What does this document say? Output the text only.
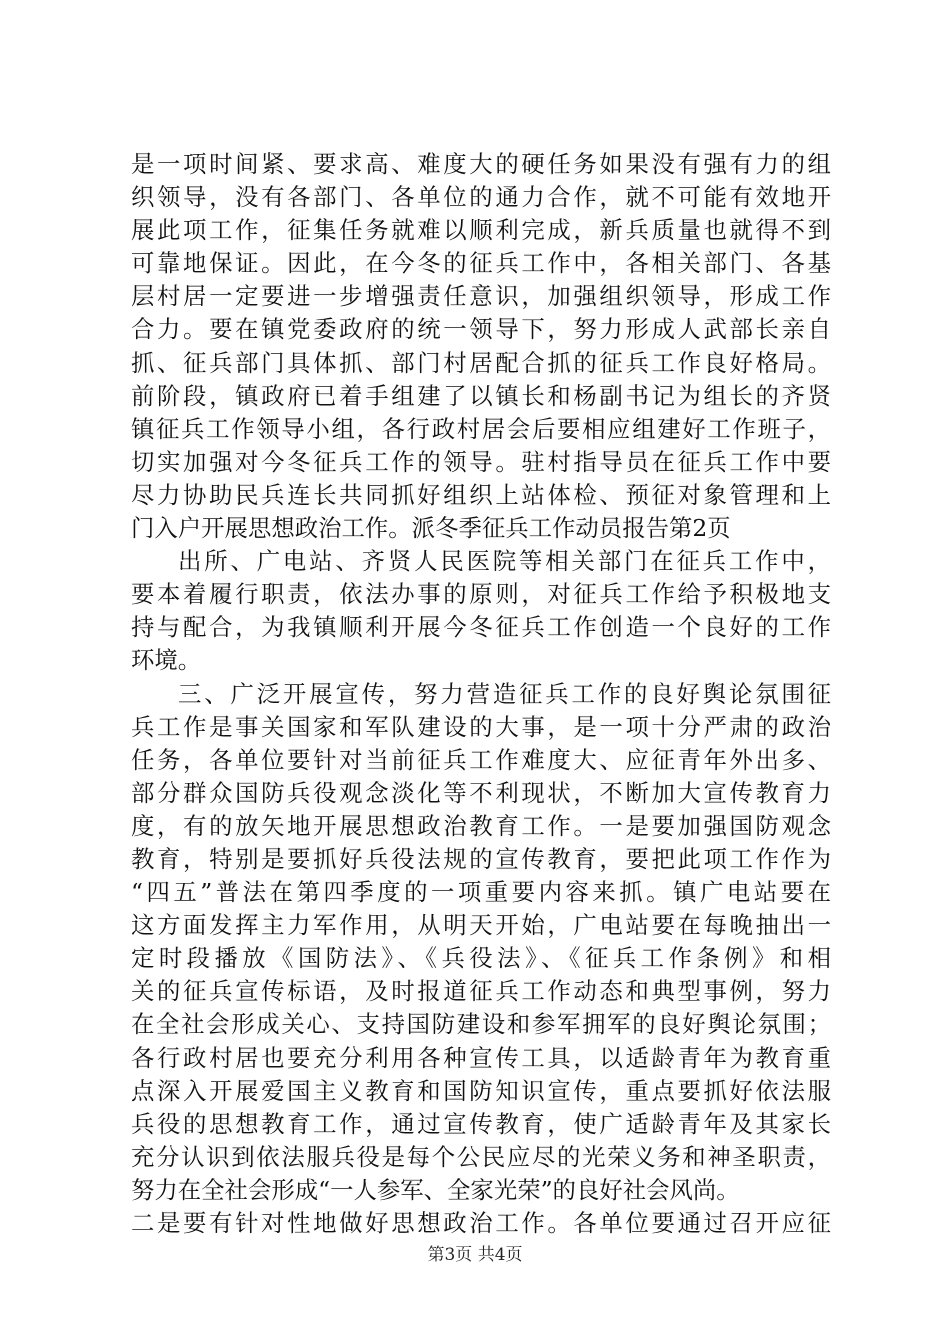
是一项时间紧、要求高、难度大的硬任务如果没有强有力的组
织领导，没有各部门、各单位的通力合作，就不可能有效地开
展此项工作，征集任务就难以顺利完成，新兵质量也就得不到
可靠地保证。因此，在今冬的征兵工作中，各相关部门、各基
层村居一定要进一步增强责任意识，加强组织领导，形成工作
合力。要在镇党委政府的统一领导下，努力形成人武部长亲自
抓、征兵部门具体抓、部门村居配合抓的征兵工作良好格局。
前阶段，镇政府已着手组建了以镇长和杨副书记为组长的齐贤
镇征兵工作领导小组，各行政村居会后要相应组建好工作班子，
切实加强对今冬征兵工作的领导。驻村指导员在征兵工作中要
尽力协助民兵连长共同抓好组织上站体检、预征对象管理和上
门入户开展思想政治工作。派冬季征兵工作动员报告第2页
出所、广电站、齐贤人民医院等相关部门在征兵工作中，
要本着履行职责，依法办事的原则，对征兵工作给予积极地支
持与配合，为我镇顺利开展今冬征兵工作创造一个良好的工作
环境。
三、广泛开展宣传，努力营造征兵工作的良好舆论氛围征
兵工作是事关国家和军队建设的大事，是一项十分严肃的政治
任务，各单位要针对当前征兵工作难度大、应征青年外出多、
部分群众国防兵役观念淡化等不利现状，不断加大宣传教育力
度，有的放矢地开展思想政治教育工作。一是要加强国防观念
教育，特别是要抓好兵役法规的宣传教育，要把此项工作作为
“四五”普法在第四季度的一项重要内容来抓。镇广电站要在
这方面发挥主力军作用，从明天开始，广电站要在每晚抽出一
定时段播放《国防法》、《兵役法》、《征兵工作条例》和相
关的征兵宣传标语，及时报道征兵工作动态和典型事例，努力
在全社会形成关心、支持国防建设和参军拥军的良好舆论氛围；
各行政村居也要充分利用各种宣传工具，以适龄青年为教育重
点深入开展爱国主义教育和国防知识宣传，重点要抓好依法服
兵役的思想教育工作，通过宣传教育，使广适龄青年及其家长
充分认识到依法服兵役是每个公民应尽的光荣义务和神圣职责，
努力在全社会形成“一人参军、全家光荣”的良好社会风尚。
二是要有针对性地做好思想政治工作。各单位要通过召开应征
第3页 共4页
